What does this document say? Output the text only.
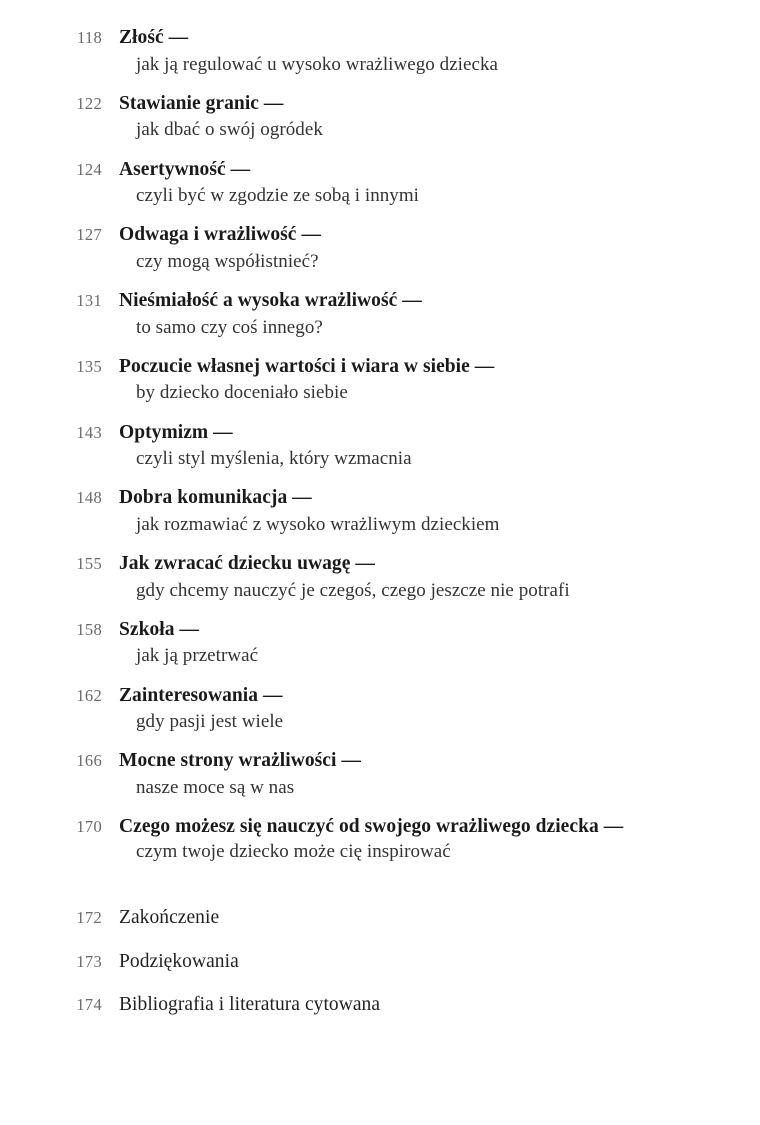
118 Złość —
jak ją regulować u wysoko wrażliwego dziecka
122 Stawianie granic —
jak dbać o swój ogródek
124 Asertywność —
czyli być w zgodzie ze sobą i innymi
127 Odwaga i wrażliwość —
czy mogą współistnieć?
131 Nieśmiałość a wysoka wrażliwość —
to samo czy coś innego?
135 Poczucie własnej wartości i wiara w siebie —
by dziecko doceniało siebie
143 Optymizm —
czyli styl myślenia, który wzmacnia
148 Dobra komunikacja —
jak rozmawiać z wysoko wrażliwym dzieckiem
155 Jak zwracać dziecku uwagę —
gdy chcemy nauczyć je czegoś, czego jeszcze nie potrafi
158 Szkoła —
jak ją przetrwać
162 Zainteresowania —
gdy pasji jest wiele
166 Mocne strony wrażliwości —
nasze moce są w nas
170 Czego możesz się nauczyć od swojego wrażliwego dziecka —
czym twoje dziecko może cię inspirować
172 Zakończenie
173 Podziękowania
174 Bibliografia i literatura cytowana
